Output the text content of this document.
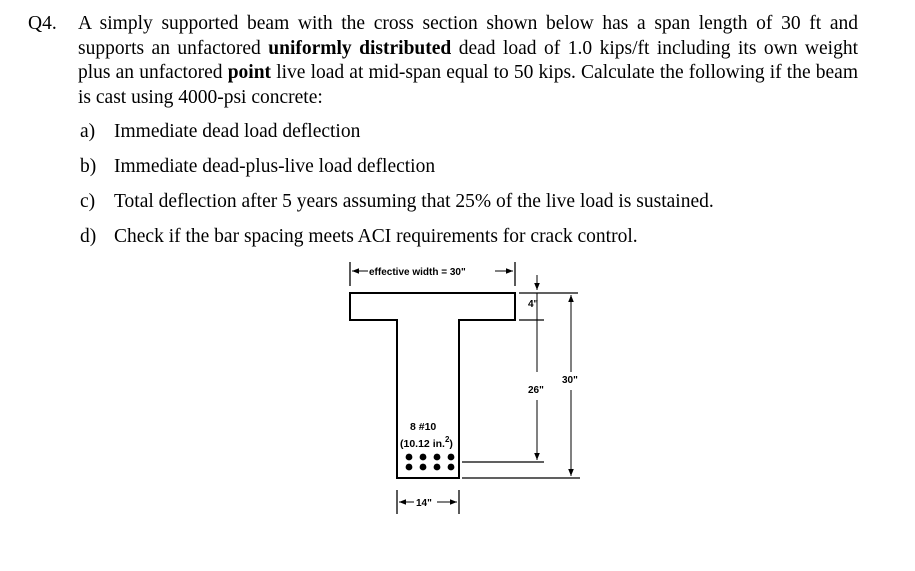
Q4. A simply supported beam with the cross section shown below has a span length of 30 ft and supports an unfactored uniformly distributed dead load of 1.0 kips/ft including its own weight plus an unfactored point live load at mid-span equal to 50 kips. Calculate the following if the beam is cast using 4000-psi concrete:
a) Immediate dead load deflection
b) Immediate dead-plus-live load deflection
c) Total deflection after 5 years assuming that 25% of the live load is sustained.
d) Check if the bar spacing meets ACI requirements for crack control.
effective width = 30"
26"
4"
30"
8 #10
(10.12 in.$^2$)
14"
